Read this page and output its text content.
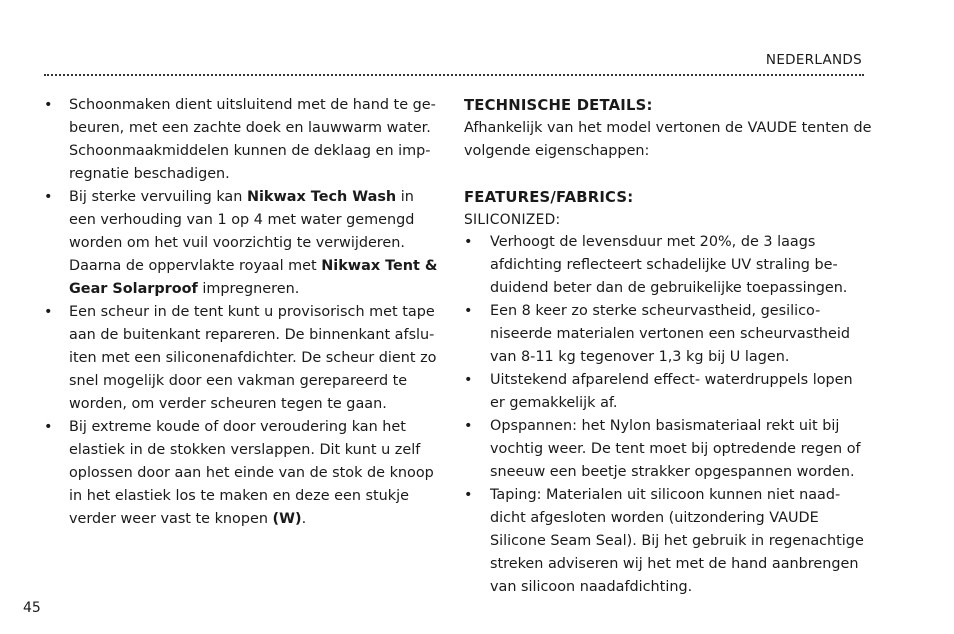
NEDERLANDS
• Schoonmaken dient uitsluitend met de hand te ge-
beuren, met een zachte doek en lauwwarm water.
Schoonmaakmiddelen kunnen de deklaag en imp-
regnatie beschadigen.
• Bij sterke vervuiling kan Nikwax Tech Wash in
een verhouding van 1 op 4 met water gemengd
worden om het vuil voorzichtig te verwijderen.
Daarna de oppervlakte royaal met Nikwax Tent &
Gear Solarproof impregneren.
• Een scheur in de tent kunt u provisorisch met tape
aan de buitenkant repareren. De binnenkant afslu-
iten met een siliconenafdichter. De scheur dient zo
snel mogelijk door een vakman gerepareerd te
worden, om verder scheuren tegen te gaan.
• Bij extreme koude of door veroudering kan het
elastiek in de stokken verslappen. Dit kunt u zelf
oplossen door aan het einde van de stok de knoop
in het elastiek los te maken en deze een stukje
verder weer vast te knopen (W).
TECHNISCHE DETAILS:
Afhankelijk van het model vertonen de VAUDE tenten de
volgende eigenschappen:
FEATURES/FABRICS:
SILICONIZED:
• Verhoogt de levensduur met 20%, de 3 laags
afdichting reflecteert schadelijke UV straling be-
duidend beter dan de gebruikelijke toepassingen.
• Een 8 keer zo sterke scheurvastheid, gesilico-
niseerde materialen vertonen een scheurvastheid
van 8-11 kg tegenover 1,3 kg bij U lagen.
• Uitstekend afparelend effect- waterdruppels lopen
er gemakkelijk af.
• Opspannen: het Nylon basismateriaal rekt uit bij
vochtig weer. De tent moet bij optredende regen of
sneeuw een beetje strakker opgespannen worden.
• Taping: Materialen uit silicoon kunnen niet naad-
dicht afgesloten worden (uitzondering VAUDE
Silicone Seam Seal). Bij het gebruik in regenachtige
streken adviseren wij het met de hand aanbrengen
van silicoon naadafdichting.
45
